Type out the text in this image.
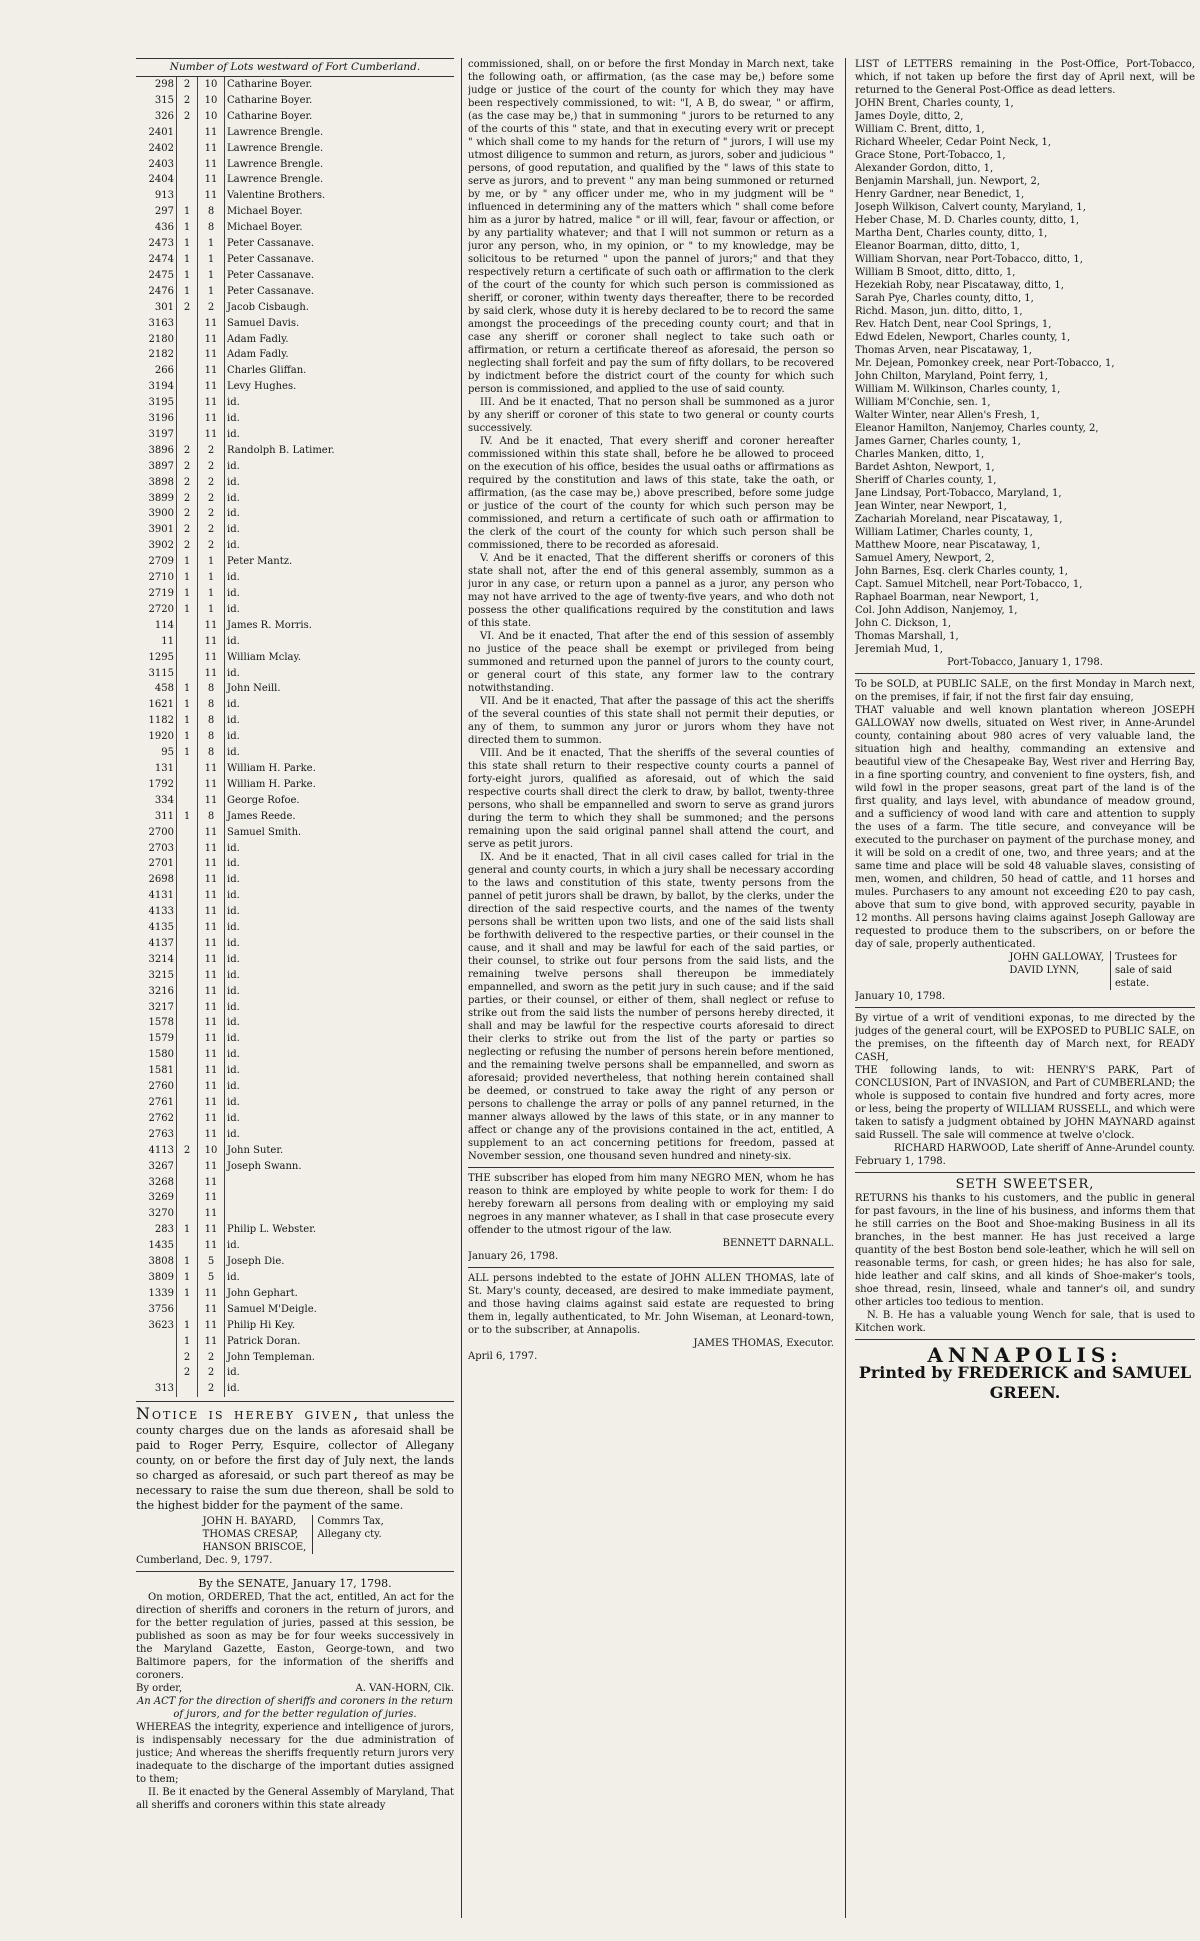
Number of Lots westward of Fort Cumberland.			
298	2	10	Catharine Boyer.
315	2	10	Catharine Boyer.
326	2	10	Catharine Boyer.
2401		11	Lawrence Brengle.
2402		11	Lawrence Brengle.
2403		11	Lawrence Brengle.
2404		11	Lawrence Brengle.
913		11	Valentine Brothers.
297	1	8	Michael Boyer.
436	1	8	Michael Boyer.
2473	1	1	Peter Cassanave.
2474	1	1	Peter Cassanave.
2475	1	1	Peter Cassanave.
2476	1	1	Peter Cassanave.
301	2	2	Jacob Cisbaugh.
3163		11	Samuel Davis.
2180		11	Adam Fadly.
2182		11	Adam Fadly.
266		11	Charles Gliffan.
3194		11	Levy Hughes.
3195		11	id.
3196		11	id.
3197		11	id.
3896	2	2	Randolph B. Latimer.
3897	2	2	id.
3898	2	2	id.
3899	2	2	id.
3900	2	2	id.
3901	2	2	id.
3902	2	2	id.
2709	1	1	Peter Mantz.
2710	1	1	id.
2719	1	1	id.
2720	1	1	id.
114		11	James R. Morris.
11		11	id.
1295		11	William Mclay.
3115		11	id.
458	1	8	John Neill.
1621	1	8	id.
1182	1	8	id.
1920	1	8	id.
95	1	8	id.
131		11	William H. Parke.
1792		11	William H. Parke.
334		11	George Rofoe.
311	1	8	James Reede.
2700		11	Samuel Smith.
2703		11	id.
2701		11	id.
2698		11	id.
4131		11	id.
4133		11	id.
4135		11	id.
4137		11	id.
3214		11	id.
3215		11	id.
3216		11	id.
3217		11	id.
1578		11	id.
1579		11	id.
1580		11	id.
1581		11	id.
2760		11	id.
2761		11	id.
2762		11	id.
2763		11	id.
4113	2	10	John Suter.
3267		11	Joseph Swann.
3268		11	
3269		11	
3270		11	
283	1	11	Philip L. Webster.
1435		11	id.
3808	1	5	Joseph Die.
3809	1	5	id.
1339	1	11	John Gephart.
3756		11	Samuel M'Deigle.
3623	1	11	Philip Hi Key.
	1	11	Patrick Doran.
	2	2	John Templeman.
	2	2	id.
313		2	id.

Notice is hereby given, that unless the county charges due on the lands as aforesaid shall be paid to Roger Perry, Esquire, collector of Allegany county, on or before the first day of July next, the lands so charged as aforesaid, or such part thereof as may be necessary to raise the sum due thereon, shall be sold to the highest bidder for the payment of the same.

JOHN H. BAYARD,
THOMAS CRESAP,
HANSON BRISCOE,
Commrs Tax, Allegany cty.

Cumberland, Dec. 9, 1797.

By the SENATE, January 17, 1798.

On motion, ORDERED, That the act, entitled, An act for the direction of sheriffs and coroners in the return of jurors, and for the better regulation of juries, passed at this session, be published as soon as may be for four weeks successively in the Maryland Gazette, Easton, George-town, and two Baltimore papers, for the information of the sheriffs and coroners.

By order,	A. VAN-HORN, Clk.

An ACT for the direction of sheriffs and coroners in the return of jurors, and for the better regulation of juries.

WHEREAS the integrity, experience and intelligence of jurors, is indispensably necessary for the due administration of justice; And whereas the sheriffs frequently return jurors very inadequate to the discharge of the important duties assigned to them;

II. Be it enacted by the General Assembly of Maryland, That all sheriffs and coroners within this state already

commissioned, shall, on or before the first Monday in March next, take the following oath, or affirmation, (as the case may be,) before some judge or justice of the court of the county for which they may have been respectively commissioned, to wit: "I, A B, do swear, " or affirm, (as the case may be,) that in summoning " jurors to be returned to any of the courts of this " state, and that in executing every writ or precept " which shall come to my hands for the return of " jurors, I will use my utmost diligence to summon and return, as jurors, sober and judicious " persons, of good reputation, and qualified by the " laws of this state to serve as jurors, and to prevent " any man being summoned or returned by me, or by " any officer under me, who in my judgment will be " influenced in determining any of the matters which " shall come before him as a juror by hatred, malice " or ill will, fear, favour or affection, or by any partiality whatever; and that I will not summon or return as a juror any person, who, in my opinion, or " to my knowledge, may be solicitous to be returned " upon the pannel of jurors;" and that they respectively return a certificate of such oath or affirmation to the clerk of the court of the county for which such person is commissioned as sheriff, or coroner, within twenty days thereafter, there to be recorded by said clerk, whose duty it is hereby declared to be to record the same amongst the proceedings of the preceding county court; and that in case any sheriff or coroner shall neglect to take such oath or affirmation, or return a certificate thereof as aforesaid, the person so neglecting shall forfeit and pay the sum of fifty dollars, to be recovered by indictment before the district court of the county for which such person is commissioned, and applied to the use of said county.

III. And be it enacted, That no person shall be summoned as a juror by any sheriff or coroner of this state to two general or county courts successively.

IV. And be it enacted, That every sheriff and coroner hereafter commissioned within this state shall, before he be allowed to proceed on the execution of his office, besides the usual oaths or affirmations as required by the constitution and laws of this state, take the oath, or affirmation, (as the case may be,) above prescribed, before some judge or justice of the court of the county for which such person may be commissioned, and return a certificate of such oath or affirmation to the clerk of the court of the county for which such person shall be commissioned, there to be recorded as aforesaid.

V. And be it enacted, That the different sheriffs or coroners of this state shall not, after the end of this general assembly, summon as a juror in any case, or return upon a pannel as a juror, any person who may not have arrived to the age of twenty-five years, and who doth not possess the other qualifications required by the constitution and laws of this state.

VI. And be it enacted, That after the end of this session of assembly no justice of the peace shall be exempt or privileged from being summoned and returned upon the pannel of jurors to the county court, or general court of this state, any former law to the contrary notwithstanding.

VII. And be it enacted, That after the passage of this act the sheriffs of the several counties of this state shall not permit their deputies, or any of them, to summon any juror or jurors whom they have not directed them to summon.

VIII. And be it enacted, That the sheriffs of the several counties of this state shall return to their respective county courts a pannel of forty-eight jurors, qualified as aforesaid, out of which the said respective courts shall direct the clerk to draw, by ballot, twenty-three persons, who shall be empannelled and sworn to serve as grand jurors during the term to which they shall be summoned; and the persons remaining upon the said original pannel shall attend the court, and serve as petit jurors.

IX. And be it enacted, That in all civil cases called for trial in the general and county courts, in which a jury shall be necessary according to the laws and constitution of this state, twenty persons from the pannel of petit jurors shall be drawn, by ballot, by the clerks, under the direction of the said respective courts, and the names of the twenty persons shall be written upon two lists, and one of the said lists shall be forthwith delivered to the respective parties, or their counsel in the cause, and it shall and may be lawful for each of the said parties, or their counsel, to strike out four persons from the said lists, and the remaining twelve persons shall thereupon be immediately empannelled, and sworn as the petit jury in such cause; and if the said parties, or their counsel, or either of them, shall neglect or refuse to strike out from the said lists the number of persons hereby directed, it shall and may be lawful for the respective courts aforesaid to direct their clerks to strike out from the list of the party or parties so neglecting or refusing the number of persons herein before mentioned, and the remaining twelve persons shall be empannelled, and sworn as aforesaid; provided nevertheless, that nothing herein contained shall be deemed, or construed to take away the right of any person or persons to challenge the array or polls of any pannel returned, in the manner always allowed by the laws of this state, or in any manner to affect or change any of the provisions contained in the act, entitled, A supplement to an act concerning petitions for freedom, passed at November session, one thousand seven hundred and ninety-six.

THE subscriber has eloped from him many NEGRO MEN, whom he has reason to think are employed by white people to work for them: I do hereby forewarn all persons from dealing with or employing my said negroes in any manner whatever, as I shall in that case prosecute every offender to the utmost rigour of the law.

BENNETT DARNALL.

January 26, 1798.

ALL persons indebted to the estate of JOHN ALLEN THOMAS, late of St. Mary's county, deceased, are desired to make immediate payment, and those having claims against said estate are requested to bring them in, legally authenticated, to Mr. John Wiseman, at Leonard-town, or to the subscriber, at Annapolis.

JAMES THOMAS, Executor.

April 6, 1797.

LIST of LETTERS remaining in the Post-Office, Port-Tobacco, which, if not taken up before the first day of April next, will be returned to the General Post-Office as dead letters.

JOHN Brent, Charles county, 1,

James Doyle, ditto, 2,

William C. Brent, ditto, 1,

Richard Wheeler, Cedar Point Neck, 1,

Grace Stone, Port-Tobacco, 1,

Alexander Gordon, ditto, 1,

Benjamin Marshall, jun. Newport, 2,

Henry Gardner, near Benedict, 1,

Joseph Wilkison, Calvert county, Maryland, 1,

Heber Chase, M. D. Charles county, ditto, 1,

Martha Dent, Charles county, ditto, 1,

Eleanor Boarman, ditto, ditto, 1,

William Shorvan, near Port-Tobacco, ditto, 1,

William B Smoot, ditto, ditto, 1,

Hezekiah Roby, near Piscataway, ditto, 1,

Sarah Pye, Charles county, ditto, 1,

Richd. Mason, jun. ditto, ditto, 1,

Rev. Hatch Dent, near Cool Springs, 1,

Edwd Edelen, Newport, Charles county, 1,

Thomas Arven, near Piscataway, 1,

Mr. Dejean, Pomonkey creek, near Port-Tobacco, 1,

John Chilton, Maryland, Point ferry, 1,

William M. Wilkinson, Charles county, 1,

William M'Conchie, sen. 1,

Walter Winter, near Allen's Fresh, 1,

Eleanor Hamilton, Nanjemoy, Charles county, 2,

James Garner, Charles county, 1,

Charles Manken, ditto, 1,

Bardet Ashton, Newport, 1,

Sheriff of Charles county, 1,

Jane Lindsay, Port-Tobacco, Maryland, 1,

Jean Winter, near Newport, 1,

Zachariah Moreland, near Piscataway, 1,

William Latimer, Charles county, 1,

Matthew Moore, near Piscataway, 1,

Samuel Amery, Newport, 2,

John Barnes, Esq. clerk Charles county, 1,

Capt. Samuel Mitchell, near Port-Tobacco, 1,

Raphael Boarman, near Newport, 1,

Col. John Addison, Nanjemoy, 1,

John C. Dickson, 1,

Thomas Marshall, 1,

Jeremiah Mud, 1,

Port-Tobacco, January 1, 1798.

To be SOLD, at PUBLIC SALE, on the first Monday in March next, on the premises, if fair, if not the first fair day ensuing,

THAT valuable and well known plantation whereon JOSEPH GALLOWAY now dwells, situated on West river, in Anne-Arundel county, containing about 980 acres of very valuable land, the situation high and healthy, commanding an extensive and beautiful view of the Chesapeake Bay, West river and Herring Bay, in a fine sporting country, and convenient to fine oysters, fish, and wild fowl in the proper seasons, great part of the land is of the first quality, and lays level, with abundance of meadow ground, and a sufficiency of wood land with care and attention to supply the uses of a farm. The title secure, and conveyance will be executed to the purchaser on payment of the purchase money, and it will be sold on a credit of one, two, and three years; and at the same time and place will be sold 48 valuable slaves, consisting of men, women, and children, 50 head of cattle, and 11 horses and mules. Purchasers to any amount not exceeding £20 to pay cash, above that sum to give bond, with approved security, payable in 12 months. All persons having claims against Joseph Galloway are requested to produce them to the subscribers, on or before the day of sale, properly authenticated.

JOHN GALLOWAY,
DAVID LYNN,
Trustees for sale of said estate.

January 10, 1798.

By virtue of a writ of venditioni exponas, to me directed by the judges of the general court, will be EXPOSED to PUBLIC SALE, on the premises, on the fifteenth day of March next, for READY CASH,

THE following lands, to wit: HENRY'S PARK, Part of CONCLUSION, Part of INVASION, and Part of CUMBERLAND; the whole is supposed to contain five hundred and forty acres, more or less, being the property of WILLIAM RUSSELL, and which were taken to satisfy a judgment obtained by JOHN MAYNARD against said Russell. The sale will commence at twelve o'clock.

RICHARD HARWOOD, Late sheriff of Anne-Arundel county.

February 1, 1798.

SETH SWEETSER,

RETURNS his thanks to his customers, and the public in general for past favours, in the line of his business, and informs them that he still carries on the Boot and Shoe-making Business in all its branches, in the best manner. He has just received a large quantity of the best Boston bend sole-leather, which he will sell on reasonable terms, for cash, or green hides; he has also for sale, hide leather and calf skins, and all kinds of Shoe-maker's tools, shoe thread, resin, linseed, whale and tanner's oil, and sundry other articles too tedious to mention.

N. B. He has a valuable young Wench for sale, that is used to Kitchen work.

ANNAPOLIS:
Printed by FREDERICK and SAMUEL
GREEN.
